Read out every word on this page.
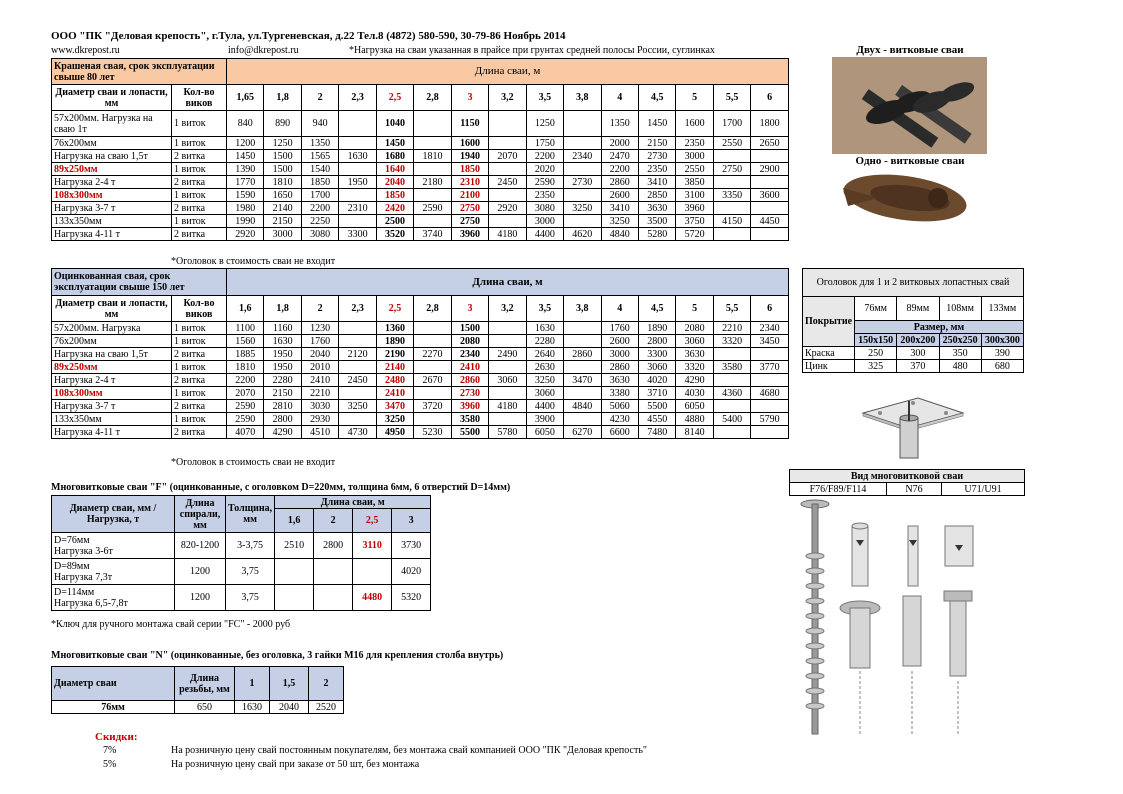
ООО "ПК "Деловая крепость", г.Тула, ул.Тургеневская, д.22 Тел.8 (4872) 580-590, 30-79-86 Ноябрь 2014
www.dkrepost.ru	info@dkrepost.ru	*Нагрузка на сваи указанная в прайсе при грунтах средней полосы России, суглинках
Крашеная свая, срок эксплуатации свыше 80 лет		Длина сваи, м														
Диаметр сваи и лопасти, мм	Кол-во виков	1,65	1,8	2	2,3	2,5	2,8	3	3,2	3,5	3,8	4	4,5	5	5,5	6
57х200мм. Нагрузка на сваю 1т	1 виток	840	890	940		1040		1150		1250		1350	1450	1600	1700	1800
76х200мм	1 виток	1200	1250	1350		1450		1600		1750		2000	2150	2350	2550	2650
Нагрузка на сваю 1,5т	2 витка	1450	1500	1565	1630	1680	1810	1940	2070	2200	2340	2470	2730	3000		
89х250мм	1 виток	1390	1500	1540		1640		1850		2020		2200	2350	2550	2750	2900
Нагрузка 2-4 т	2 витка	1770	1810	1850	1950	2040	2180	2310	2450	2590	2730	2860	3410	3850		
108х300мм	1 виток	1590	1650	1700		1850		2100		2350		2600	2850	3100	3350	3600
Нагрузка 3-7 т	2 витка	1980	2140	2200	2310	2420	2590	2750	2920	3080	3250	3410	3630	3960		
133х350мм	1 виток	1990	2150	2250		2500		2750		3000		3250	3500	3750	4150	4450
Нагрузка 4-11 т	2 витка	2920	3000	3080	3300	3520	3740	3960	4180	4400	4620	4840	5280	5720		
*Оголовок в стоимость сваи не входит
Оцинкованная свая, срок эксплуатации свыше 150 лет		Длина сваи, м														
Диаметр сваи и лопасти, мм	Кол-во виков	1,6	1,8	2	2,3	2,5	2,8	3	3,2	3,5	3,8	4	4,5	5	5,5	6
57х200мм. Нагрузка	1 виток	1100	1160	1230		1360		1500		1630		1760	1890	2080	2210	2340
76х200мм	1 виток	1560	1630	1760		1890		2080		2280		2600	2800	3060	3320	3450
Нагрузка на сваю 1,5т	2 витка	1885	1950	2040	2120	2190	2270	2340	2490	2640	2860	3000	3300	3630		
89х250мм	1 виток	1810	1950	2010		2140		2410		2630		2860	3060	3320	3580	3770
Нагрузка 2-4 т	2 витка	2200	2280	2410	2450	2480	2670	2860	3060	3250	3470	3630	4020	4290		
108х300мм	1 виток	2070	2150	2210		2410		2730		3060		3380	3710	4030	4360	4680
Нагрузка 3-7 т	2 витка	2590	2810	3030	3250	3470	3720	3960	4180	4400	4840	5060	5500	6050		
133х350мм	1 виток	2590	2800	2930		3250		3580		3900		4230	4550	4880	5400	5790
Нагрузка 4-11 т	2 витка	4070	4290	4510	4730	4950	5230	5500	5780	6050	6270	6600	7480	8140		
*Оголовок в стоимость сваи не входит
Многовитковые сваи "F" (оцинкованные, с оголовком D=220мм, толщина 6мм, 6 отверстий D=14мм)
Диаметр сваи, мм / Нагрузка, т	Длина спирали, мм	Толщина, мм	Длина сваи, м			
			1,6	2	2,5	3

D=76мм
Нагрузка 3-6т	820-1200	3-3,75	2510	2800	3110	3730

D=89мм
Нагрузка 7,3т	1200	3,75				4020

D=114мм
Нагрузка 6,5-7,8т	1200	3,75			4480	5320
*Ключ для ручного монтажа свай серии "FC" - 2000 руб
Многовитковые сваи "N" (оцинкованные, без оголовка, 3 гайки М16 для крепления столба внутрь)
Диаметр сваи	Длина резьбы, мм	1	1,5	2
76мм	650	1630	2040	2520
Скидки:
7%	На розничную цену свай постоянным покупателям, без монтажа свай компанией ООО "ПК "Деловая крепость"
5%	На розничную цену свай при заказе от 50 шт, без монтажа
Двух - витковые сваи
Одно - витковые сваи
Оголовок для 1 и 2 витковых лопастных свай				
Покрытие	76мм	89мм	108мм	133мм
	Размер, мм			
	150х150	200х200	250х250	300х300
Краска	250	300	350	390
Цинк	325	370	480	680
Вид многовитковой сваи
F76/F89/F114	N76	U71/U91
